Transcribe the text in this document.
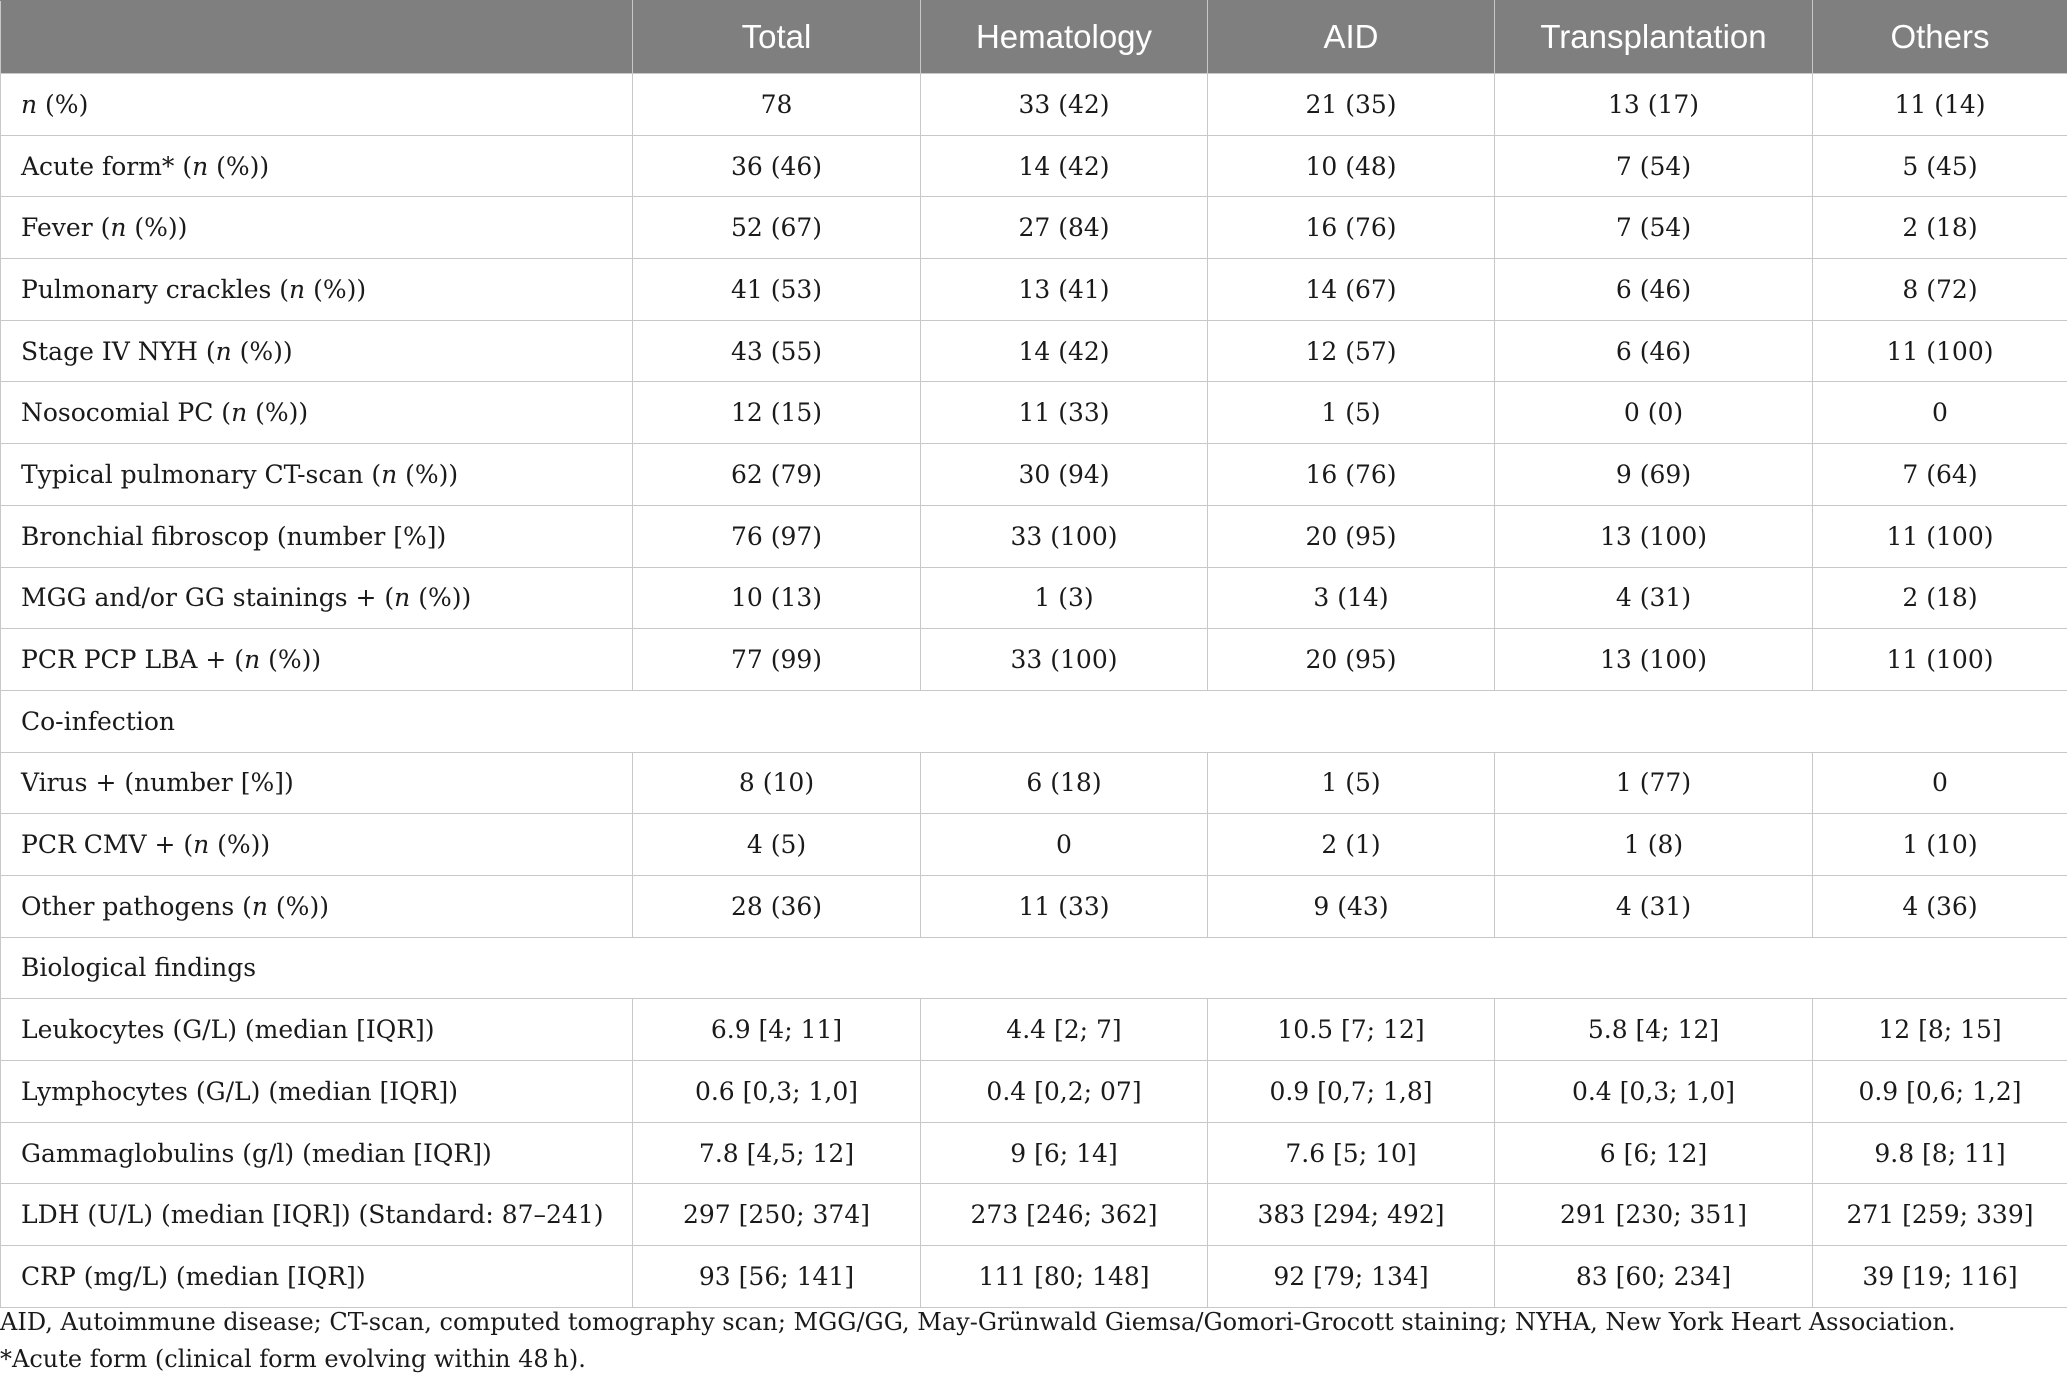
	Total	Hematology	AID	Transplantation	Others
n (%)	78	33 (42)	21 (35)	13 (17)	11 (14)
Acute form* (n (%))	36 (46)	14 (42)	10 (48)	7 (54)	5 (45)
Fever (n (%))	52 (67)	27 (84)	16 (76)	7 (54)	2 (18)
Pulmonary crackles (n (%))	41 (53)	13 (41)	14 (67)	6 (46)	8 (72)
Stage IV NYH (n (%))	43 (55)	14 (42)	12 (57)	6 (46)	11 (100)
Nosocomial PC (n (%))	12 (15)	11 (33)	1 (5)	0 (0)	0
Typical pulmonary CT-scan (n (%))	62 (79)	30 (94)	16 (76)	9 (69)	7 (64)
Bronchial fibroscop (number [%])	76 (97)	33 (100)	20 (95)	13 (100)	11 (100)
MGG and/or GG stainings + (n (%))	10 (13)	1 (3)	3 (14)	4 (31)	2 (18)
PCR PCP LBA + (n (%))	77 (99)	33 (100)	20 (95)	13 (100)	11 (100)
Co-infection					
Virus + (number [%])	8 (10)	6 (18)	1 (5)	1 (77)	0
PCR CMV + (n (%))	4 (5)	0	2 (1)	1 (8)	1 (10)
Other pathogens (n (%))	28 (36)	11 (33)	9 (43)	4 (31)	4 (36)
Biological findings					
Leukocytes (G/L) (median [IQR])	6.9 [4; 11]	4.4 [2; 7]	10.5 [7; 12]	5.8 [4; 12]	12 [8; 15]
Lymphocytes (G/L) (median [IQR])	0.6 [0,3; 1,0]	0.4 [0,2; 07]	0.9 [0,7; 1,8]	0.4 [0,3; 1,0]	0.9 [0,6; 1,2]
Gammaglobulins (g/l) (median [IQR])	7.8 [4,5; 12]	9 [6; 14]	7.6 [5; 10]	6 [6; 12]	9.8 [8; 11]
LDH (U/L) (median [IQR]) (Standard: 87–241)	297 [250; 374]	273 [246; 362]	383 [294; 492]	291 [230; 351]	271 [259; 339]
CRP (mg/L) (median [IQR])	93 [56; 141]	111 [80; 148]	92 [79; 134]	83 [60; 234]	39 [19; 116]
AID, Autoimmune disease; CT-scan, computed tomography scan; MGG/GG, May-Grünwald Giemsa/Gomori-Grocott staining; NYHA, New York Heart Association. *Acute form (clinical form evolving within 48 h).
